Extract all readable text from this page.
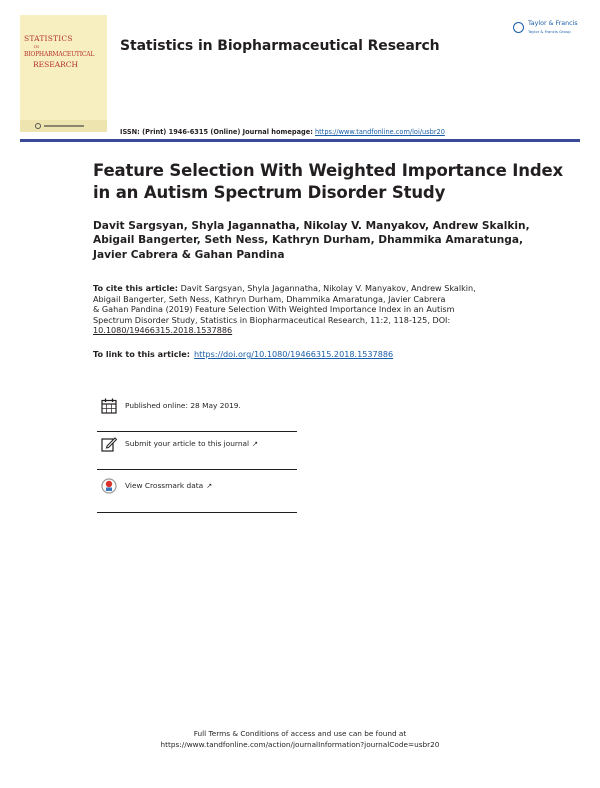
STATISTICS
IN
BIOPHARMACEUTICAL
RESEARCH
Statistics in Biopharmaceutical Research
Taylor & Francis
Taylor & Francis Group
ISSN: (Print) 1946-6315 (Online) Journal homepage: https://www.tandfonline.com/loi/usbr20
Feature Selection With Weighted Importance Index
in an Autism Spectrum Disorder Study
Davit Sargsyan, Shyla Jagannatha, Nikolay V. Manyakov, Andrew Skalkin,
Abigail Bangerter, Seth Ness, Kathryn Durham, Dhammika Amaratunga,
Javier Cabrera & Gahan Pandina
To cite this article: Davit Sargsyan, Shyla Jagannatha, Nikolay V. Manyakov, Andrew Skalkin,
Abigail Bangerter, Seth Ness, Kathryn Durham, Dhammika Amaratunga, Javier Cabrera
& Gahan Pandina (2019) Feature Selection With Weighted Importance Index in an Autism
Spectrum Disorder Study, Statistics in Biopharmaceutical Research, 11:2, 118-125, DOI:
10.1080/19466315.2018.1537886
To link to this article: https://doi.org/10.1080/19466315.2018.1537886
Published online: 28 May 2019.
Submit your article to this journal ↗
View Crossmark data ↗
Full Terms & Conditions of access and use can be found at
https://www.tandfonline.com/action/journalInformation?journalCode=usbr20
